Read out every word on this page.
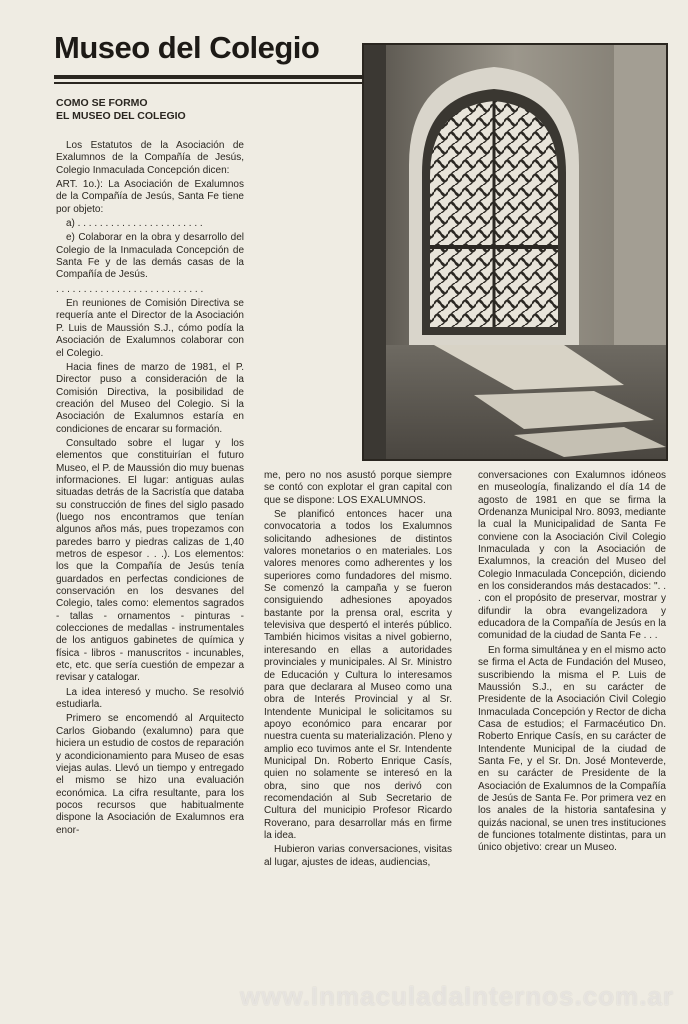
Museo del Colegio
COMO SE FORMO
EL MUSEO DEL COLEGIO

Los Estatutos de la Asociación de Exalumnos de la Compañía de Jesús, Colegio Inmaculada Concepción dicen:

ART. 1o.): La Asociación de Exalumnos de la Compañía de Jesús, Santa Fe tiene por objeto:

a) . . . . . . . . . . . . . . . . . . . . . . .

e) Colaborar en la obra y desarrollo del Colegio de la Inmaculada Concepción de Santa Fe y de las demás casas de la Compañía de Jesús.

. . . . . . . . . . . . . . . . . . . . . . . . . . .

En reuniones de Comisión Directiva se requería ante el Director de la Asociación P. Luis de Maussión S.J., cómo podía la Asociación de Exalumnos colaborar con el Colegio.

Hacia fines de marzo de 1981, el P. Director puso a consideración de la Comisión Directiva, la posibilidad de creación del Museo del Colegio. Si la Asociación de Exalumnos estaría en condiciones de encarar su formación.

Consultado sobre el lugar y los elementos que constituirían el futuro Museo, el P. de Maussión dio muy buenas informaciones. El lugar: antiguas aulas situadas detrás de la Sacristía que databa su construcción de fines del siglo pasado (luego nos encontramos que tenían algunos años más, pues tropezamos con paredes barro y piedras calizas de 1,40 metros de espesor . . .). Los elementos: los que la Compañía de Jesús tenía guardados en perfectas condiciones de conservación en los desvanes del Colegio, tales como: elementos sagrados - tallas - ornamentos - pinturas - colecciones de medallas - instrumentales de los antiguos gabinetes de química y física - libros - manuscritos - incunables, etc, etc. que sería cuestión de empezar a revisar y catalogar.

La idea interesó y mucho. Se resolvió estudiarla.

Primero se encomendó al Arquitecto Carlos Giobando (exalumno) para que hiciera un estudio de costos de reparación y acondicionamiento para Museo de esas viejas aulas. Llevó un tiempo y entregado el mismo se hizo una evaluación económica. La cifra resultante, para los pocos recursos que habitualmente dispone la Asociación de Exalumnos era enor-

me, pero no nos asustó porque siempre se contó con explotar el gran capital con que se dispone: LOS EXALUMNOS.

Se planificó entonces hacer una convocatoria a todos los Exalumnos solicitando adhesiones de distintos valores monetarios o en materiales. Los valores menores como adherentes y los superiores como fundadores del mismo. Se comenzó la campaña y se fueron consiguiendo adhesiones apoyados bastante por la prensa oral, escrita y televisiva que despertó el interés público. También hicimos visitas a nivel gobierno, interesando en ellas a autoridades provinciales y municipales. Al Sr. Ministro de Educación y Cultura lo interesamos para que declarara al Museo como una obra de Interés Provincial y al Sr. Intendente Municipal le solicitamos su apoyo económico para encarar por nuestra cuenta su materialización. Pleno y amplio eco tuvimos ante el Sr. Intendente Municipal Dn. Roberto Enrique Casís, quien no solamente se interesó en la obra, sino que nos derivó con recomendación al Sub Secretario de Cultura del municipio Profesor Ricardo Roverano, para desarrollar más en firme la idea.

Hubieron varias conversaciones, visitas al lugar, ajustes de ideas, audiencias,

conversaciones con Exalumnos idóneos en museología, finalizando el día 14 de agosto de 1981 en que se firma la Ordenanza Municipal Nro. 8093, mediante la cual la Municipalidad de Santa Fe conviene con la Asociación Civil Colegio Inmaculada y con la Asociación de Exalumnos, la creación del Museo del Colegio Inmaculada Concepción, diciendo en los considerandos más destacados: ". . . con el propósito de preservar, mostrar y difundir la obra evangelizadora y educadora de la Compañía de Jesús en la comunidad de la ciudad de Santa Fe . . .

En forma simultánea y en el mismo acto se firma el Acta de Fundación del Museo, suscribiendo la misma el P. Luis de Maussión S.J., en su carácter de Presidente de la Asociación Civil Colegio Inmaculada Concepción y Rector de dicha Casa de estudios; el Farmacéutico Dn. Roberto Enrique Casís, en su carácter de Intendente Municipal de la ciudad de Santa Fe, y el Sr. Dn. José Monteverde, en su carácter de Presidente de la Asociación de Exalumnos de la Compañía de Jesús de Santa Fe. Por primera vez en los anales de la historia santafesina y quizás nacional, se unen tres instituciones de funciones totalmente distintas, para un único objetivo: crear un Museo.

www.InmaculadaInternos.com.ar
